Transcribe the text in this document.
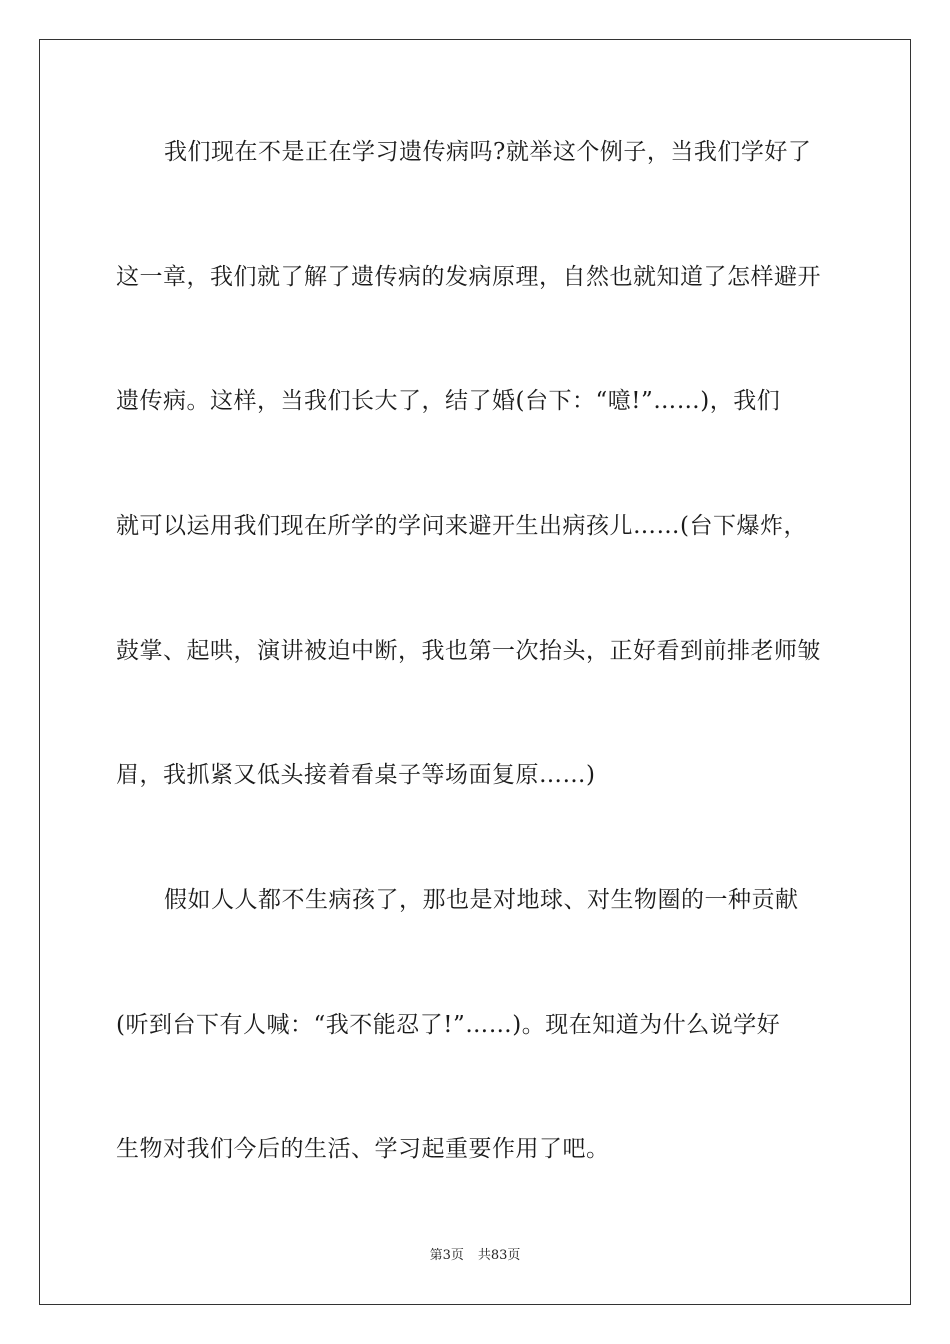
我们现在不是正在学习遗传病吗?就举这个例子，当我们学好了
这一章，我们就了解了遗传病的发病原理，自然也就知道了怎样避开
遗传病。这样，当我们长大了，结了婚(台下：“噫!”……)，我们
就可以运用我们现在所学的学问来避开生出病孩儿……(台下爆炸，
鼓掌、起哄，演讲被迫中断，我也第一次抬头，正好看到前排老师皱
眉，我抓紧又低头接着看桌子等场面复原……)
假如人人都不生病孩了，那也是对地球、对生物圈的一种贡献
(听到台下有人喊：“我不能忍了!”……)。现在知道为什么说学好
生物对我们今后的生活、学习起重要作用了吧。
第3页 共83页
